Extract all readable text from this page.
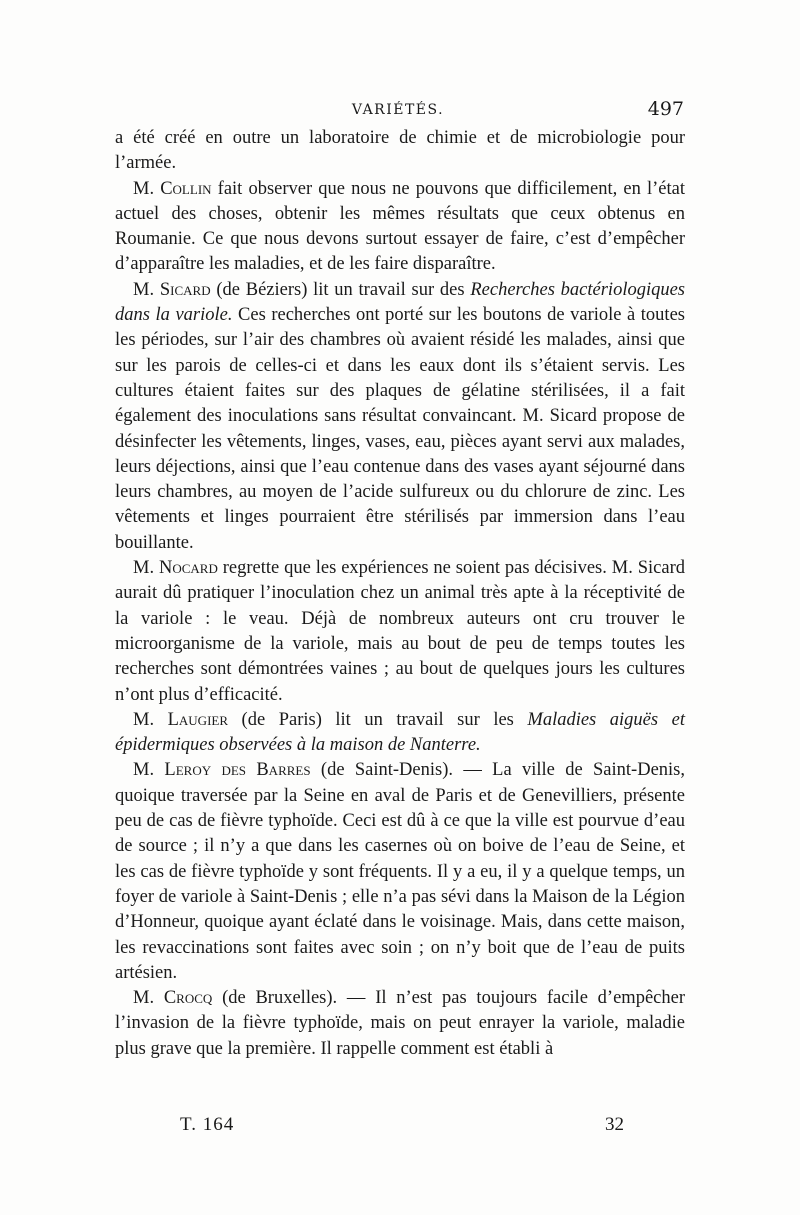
VARIÉTÉS.	497

a été créé en outre un laboratoire de chimie et de microbiologie pour l’armée.

M. Collin fait observer que nous ne pouvons que difficilement, en l’état actuel des choses, obtenir les mêmes résultats que ceux obtenus en Roumanie. Ce que nous devons surtout essayer de faire, c’est d’empêcher d’apparaître les maladies, et de les faire disparaître.

M. Sicard (de Béziers) lit un travail sur des Recherches bactériologiques dans la variole. Ces recherches ont porté sur les boutons de variole à toutes les périodes, sur l’air des chambres où avaient résidé les malades, ainsi que sur les parois de celles-ci et dans les eaux dont ils s’étaient servis. Les cultures étaient faites sur des plaques de gélatine stérilisées, il a fait également des inoculations sans résultat convaincant. M. Sicard propose de désinfecter les vêtements, linges, vases, eau, pièces ayant servi aux malades, leurs déjections, ainsi que l’eau contenue dans des vases ayant séjourné dans leurs chambres, au moyen de l’acide sulfureux ou du chlorure de zinc. Les vêtements et linges pourraient être stérilisés par immersion dans l’eau bouillante.

M. Nocard regrette que les expériences ne soient pas décisives. M. Sicard aurait dû pratiquer l’inoculation chez un animal très apte à la réceptivité de la variole : le veau. Déjà de nombreux auteurs ont cru trouver le microorganisme de la variole, mais au bout de peu de temps toutes les recherches sont démontrées vaines ; au bout de quelques jours les cultures n’ont plus d’efficacité.

M. Laugier (de Paris) lit un travail sur les Maladies aiguës et épidermiques observées à la maison de Nanterre.

M. Leroy des Barres (de Saint-Denis). — La ville de Saint-Denis, quoique traversée par la Seine en aval de Paris et de Genevilliers, présente peu de cas de fièvre typhoïde. Ceci est dû à ce que la ville est pourvue d’eau de source ; il n’y a que dans les casernes où on boive de l’eau de Seine, et les cas de fièvre typhoïde y sont fréquents. Il y a eu, il y a quelque temps, un foyer de variole à Saint-Denis ; elle n’a pas sévi dans la Maison de la Légion d’Honneur, quoique ayant éclaté dans le voisinage. Mais, dans cette maison, les revaccinations sont faites avec soin ; on n’y boit que de l’eau de puits artésien.

M. Crocq (de Bruxelles). — Il n’est pas toujours facile d’empêcher l’invasion de la fièvre typhoïde, mais on peut enrayer la variole, maladie plus grave que la première. Il rappelle comment est établi à

T. 164	32
